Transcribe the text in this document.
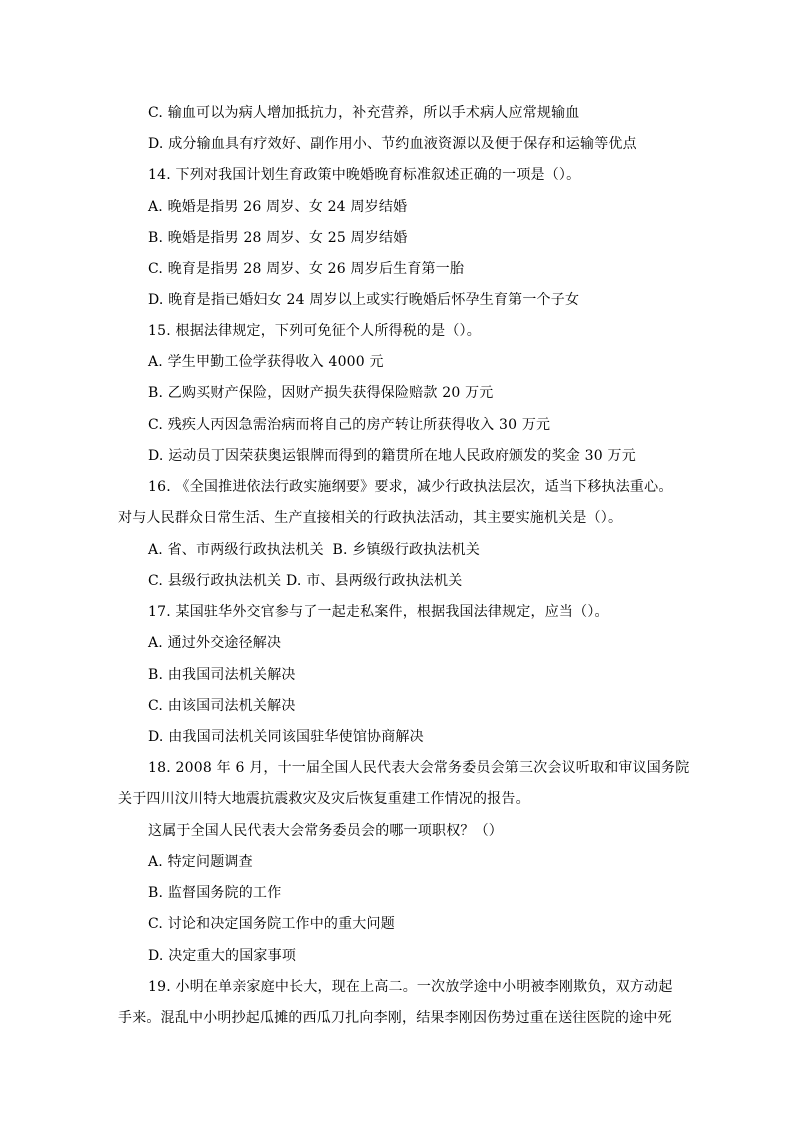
C. 输血可以为病人增加抵抗力，补充营养，所以手术病人应常规输血
D. 成分输血具有疗效好、副作用小、节约血液资源以及便于保存和运输等优点
14. 下列对我国计划生育政策中晚婚晚育标准叙述正确的一项是（）。
A. 晚婚是指男 26 周岁、女 24 周岁结婚
B. 晚婚是指男 28 周岁、女 25 周岁结婚
C. 晚育是指男 28 周岁、女 26 周岁后生育第一胎
D. 晚育是指已婚妇女 24 周岁以上或实行晚婚后怀孕生育第一个子女
15. 根据法律规定，下列可免征个人所得税的是（）。
A. 学生甲勤工俭学获得收入 4000 元
B. 乙购买财产保险，因财产损失获得保险赔款 20 万元
C. 残疾人丙因急需治病而将自己的房产转让所获得收入 30 万元
D. 运动员丁因荣获奥运银牌而得到的籍贯所在地人民政府颁发的奖金 30 万元
16. 《全国推进依法行政实施纲要》要求，减少行政执法层次，适当下移执法重心。
对与人民群众日常生活、生产直接相关的行政执法活动，其主要实施机关是（）。
A. 省、市两级行政执法机关 B. 乡镇级行政执法机关
C. 县级行政执法机关 D. 市、县两级行政执法机关
17. 某国驻华外交官参与了一起走私案件，根据我国法律规定，应当（）。
A. 通过外交途径解决
B. 由我国司法机关解决
C. 由该国司法机关解决
D. 由我国司法机关同该国驻华使馆协商解决
18. 2008 年 6 月，十一届全国人民代表大会常务委员会第三次会议听取和审议国务院
关于四川汶川特大地震抗震救灾及灾后恢复重建工作情况的报告。
这属于全国人民代表大会常务委员会的哪一项职权？（）
A. 特定问题调查
B. 监督国务院的工作
C. 讨论和决定国务院工作中的重大问题
D. 决定重大的国家事项
19. 小明在单亲家庭中长大，现在上高二。一次放学途中小明被李刚欺负，双方动起
手来。混乱中小明抄起瓜摊的西瓜刀扎向李刚，结果李刚因伤势过重在送往医院的途中死
